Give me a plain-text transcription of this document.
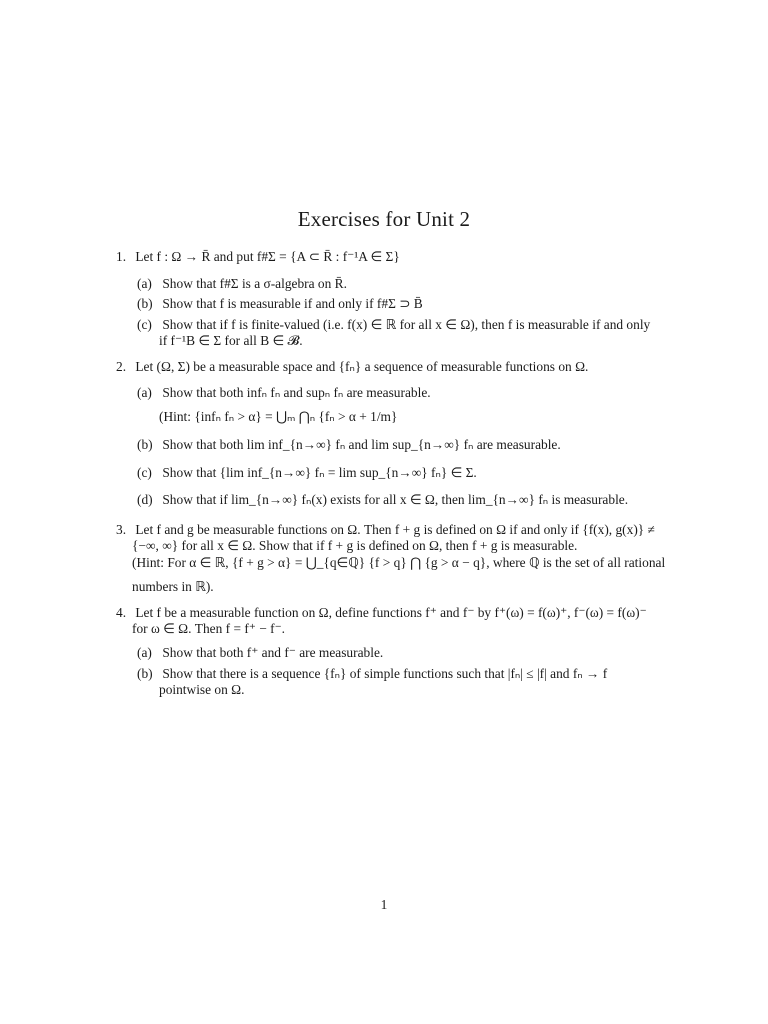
Exercises for Unit 2
1. Let f : Ω → R̄ and put f#Σ = {A ⊂ R̄ : f⁻¹A ∈ Σ}
(a) Show that f#Σ is a σ-algebra on R̄.
(b) Show that f is measurable if and only if f#Σ ⊃ B̄
(c) Show that if f is finite-valued (i.e. f(x) ∈ ℝ for all x ∈ Ω), then f is measurable if and only
if f⁻¹B ∈ Σ for all B ∈ 𝓑.
2. Let (Ω, Σ) be a measurable space and {fₙ} a sequence of measurable functions on Ω.
(a) Show that both infₙ fₙ and supₙ fₙ are measurable.
(Hint: {infₙ fₙ > α} = ⋃ₘ ⋂ₙ {fₙ > α + 1/m}
(b) Show that both lim inf_{n→∞} fₙ and lim sup_{n→∞} fₙ are measurable.
(c) Show that {lim inf_{n→∞} fₙ = lim sup_{n→∞} fₙ} ∈ Σ.
(d) Show that if lim_{n→∞} fₙ(x) exists for all x ∈ Ω, then lim_{n→∞} fₙ is measurable.
3. Let f and g be measurable functions on Ω. Then f + g is defined on Ω if and only if {f(x), g(x)} ≠
{−∞, ∞} for all x ∈ Ω. Show that if f + g is defined on Ω, then f + g is measurable.
(Hint: For α ∈ ℝ, {f + g > α} = ⋃_{q∈ℚ} {f > q} ⋂ {g > α − q}, where ℚ is the set of all rational
numbers in ℝ).
4. Let f be a measurable function on Ω, define functions f⁺ and f⁻ by f⁺(ω) = f(ω)⁺, f⁻(ω) = f(ω)⁻
for ω ∈ Ω. Then f = f⁺ − f⁻.
(a) Show that both f⁺ and f⁻ are measurable.
(b) Show that there is a sequence {fₙ} of simple functions such that |fₙ| ≤ |f| and fₙ → f
pointwise on Ω.
1
